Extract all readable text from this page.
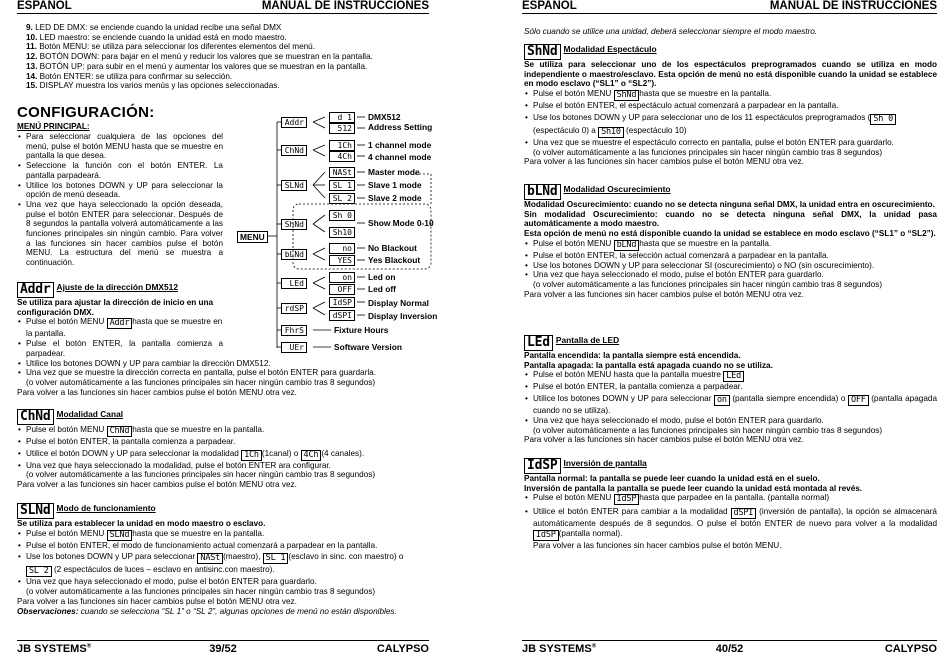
ESPAÑOL	MANUAL DE INSTRUCCIONES
9. LED DE DMX: se enciende cuando la unidad recibe una señal DMX
10. LED maestro: se enciende cuando la unidad está en modo maestro.
11. Botón MENU: se utiliza para seleccionar los diferentes elementos del menú.
12. BOTÓN DOWN: para bajar en el menú y reducir los valores que se muestran en la pantalla.
13. BOTÓN UP: para subir en el menú y aumentar los valores que se muestran en la pantalla.
14. Botón ENTER: se utiliza para confirmar su selección.
15. DISPLAY muestra los varios menús y las opciones seleccionadas.
CONFIGURACIÓN:
MENÚ PRINCIPAL:
• Para seleccionar cualquiera de las opciones del menú, pulse el botón MENU hasta que se muestre en pantalla la que desea.
• Seleccione la función con el botón ENTER. La pantalla parpadeará.
• Utilice los botones DOWN y UP para seleccionar la opción de menú deseada.
• Una vez que haya seleccionado la opción deseada, pulse el botón ENTER para seleccionar. Después de 8 segundos la pantalla volverá automáticamente a las funciones principales sin ningún cambio. Para volver a las funciones sin hacer cambios pulse el botón MENU. La estructura del menú se muestra a continuación.
MENU
Addr
ChNd
SLNd
ShNd
bLNd
LEd
rdSP
FhrS
UEr
d 1
512
1Ch
4Ch
NASt
SL 1
SL 2
Sh 0
Sh10
no
YES
on
OFF
IdSP
dSPI
DMX512
Address Setting
1 channel mode
4 channel mode
Master mode
Slave 1 mode
Slave 2 mode
Show Mode 0-10
No Blackout
Yes Blackout
Led on
Led off
Display Normal
Display Inversion
Fixture Hours
Software Version
Addr Ajuste de la dirección DMX512
Se utiliza para ajustar la dirección de inicio en una configuración DMX.
• Pulse el botón MENU Addr hasta que se muestre en la pantalla.
• Pulse el botón ENTER, la pantalla comienza a parpadear.
• Utilice los botones DOWN y UP para cambiar la dirección DMX512.
• Una vez que se muestre la dirección correcta en pantalla, pulse el botón ENTER para guardarla.
(o volver automáticamente a las funciones principales sin hacer ningún cambio tras 8 segundos)
Para volver a las funciones sin hacer cambios pulse el botón MENU otra vez.
ChNd Modalidad Canal
• Pulse el botón MENU ChNd hasta que se muestre en la pantalla.
• Pulse el botón ENTER, la pantalla comienza a parpadear.
• Utilice el botón DOWN y UP para seleccionar la modalidad 1Ch (1canal) o 4Ch (4 canales).
• Una vez que haya seleccionado la modalidad, pulse el botón ENTER ara configurar.
(o volver automáticamente a las funciones principales sin hacer ningún cambio tras 8 segundos)
Para volver a las funciones sin hacer cambios pulse el botón MENU otra vez.
SLNd Modo de funcionamiento
Se utiliza para establecer la unidad en modo maestro o esclavo.
• Pulse el botón MENU SLNd hasta que se muestre en la pantalla.
• Pulse el botón ENTER, el modo de funcionamiento actual comenzará a parpadear en la pantalla.
• Use los botones DOWN y UP para seleccionar NASt (maestro), SL 1 (esclavo in sinc. con maestro) o
SL 2 (2 espectáculos de luces – esclavo en antisinc.con maestro).
• Una vez que haya seleccionado el modo, pulse el botón ENTER para guardarlo.
(o volver automáticamente a las funciones principales sin hacer ningún cambio tras 8 segundos)
Para volver a las funciones sin hacer cambios pulse el botón MENU otra vez.
Observaciones: cuando se selecciona “SL 1” o “SL 2”, algunas opciones de menú no están disponibles.
JB SYSTEMS®	39/52	CALYPSO
ESPAÑOL	MANUAL DE INSTRUCCIONES
Sólo cuando se utilice una unidad, deberá seleccionar siempre el modo maestro.
ShNd Modalidad Espectáculo
Se utiliza para seleccionar uno de los espectáculos preprogramados cuando se utiliza en modo independiente o maestro/esclavo. Esta opción de menú no está disponible cuando la unidad se establece en modo esclavo (“SL1” o “SL2”).
• Pulse el botón MENU ShNd hasta que se muestre en la pantalla.
• Pulse el botón ENTER, el espectáculo actual comenzará a parpadear en la pantalla.
• Use los botones DOWN y UP para seleccionar uno de los 11 espectáculos preprogramados ( Sh 0
(espectáculo 0) a Sh10 (espectáculo 10)
• Una vez que se muestre el espectáculo correcto en pantalla, pulse el botón ENTER para guardarlo.
(o volver automáticamente a las funciones principales sin hacer ningún cambio tras 8 segundos)
Para volver a las funciones sin hacer cambios pulse el botón MENU otra vez.
bLNd Modalidad Oscurecimiento
Modalidad Oscurecimiento: cuando no se detecta ninguna señal DMX, la unidad entra en oscurecimiento.
Sin modalidad Oscurecimiento: cuando no se detecta ninguna señal DMX, la unidad pasa automáticamente a modo maestro.
Esta opción de menú no está disponible cuando la unidad se establece en modo esclavo (“SL1” o “SL2”).
• Pulse el botón MENU bLNd hasta que se muestre en la pantalla.
• Pulse el botón ENTER, la selección actual comenzará a parpadear en la pantalla.
• Use los botones DOWN y UP para seleccionar SI (oscurecimiento) o NO (sin oscurecimiento).
• Una vez que haya seleccionado el modo, pulse el botón ENTER para guardarlo.
(o volver automáticamente a las funciones principales sin hacer ningún cambio tras 8 segundos)
Para volver a las funciones sin hacer cambios pulse el botón MENU otra vez.
LEd Pantalla de LED
Pantalla encendida: la pantalla siempre está encendida.
Pantalla apagada: la pantalla está apagada cuando no se utiliza.
• Pulse el botón MENU hasta que la pantalla muestre LEd
• Pulse el botón ENTER, la pantalla comienza a parpadear.
• Utilice los botones DOWN y UP para seleccionar on (pantalla siempre encendida) o OFF (pantalla apagada cuando no se utiliza).
• Una vez que haya seleccionado el modo, pulse el botón ENTER para guardarlo.
(o volver automáticamente a las funciones principales sin hacer ningún cambio tras 8 segundos)
Para volver a las funciones sin hacer cambios pulse el botón MENU otra vez.
IdSP Inversión de pantalla
Pantalla normal: la pantalla se puede leer cuando la unidad está en el suelo.
Inversión de pantalla la pantalla se puede leer cuando la unidad está montada al revés.
• Pulse el botón MENU IdSP hasta que parpadee en la pantalla. (pantalla normal)
• Utilice el botón ENTER para cambiar a la modalidad dSPI (inversión de pantalla), la opción se almacenará automáticamente después de 8 segundos. O pulse el botón ENTER de nuevo para volver a la modalidad IdSP (pantalla normal).
Para volver a las funciones sin hacer cambios pulse el botón MENU.
JB SYSTEMS®	40/52	CALYPSO
